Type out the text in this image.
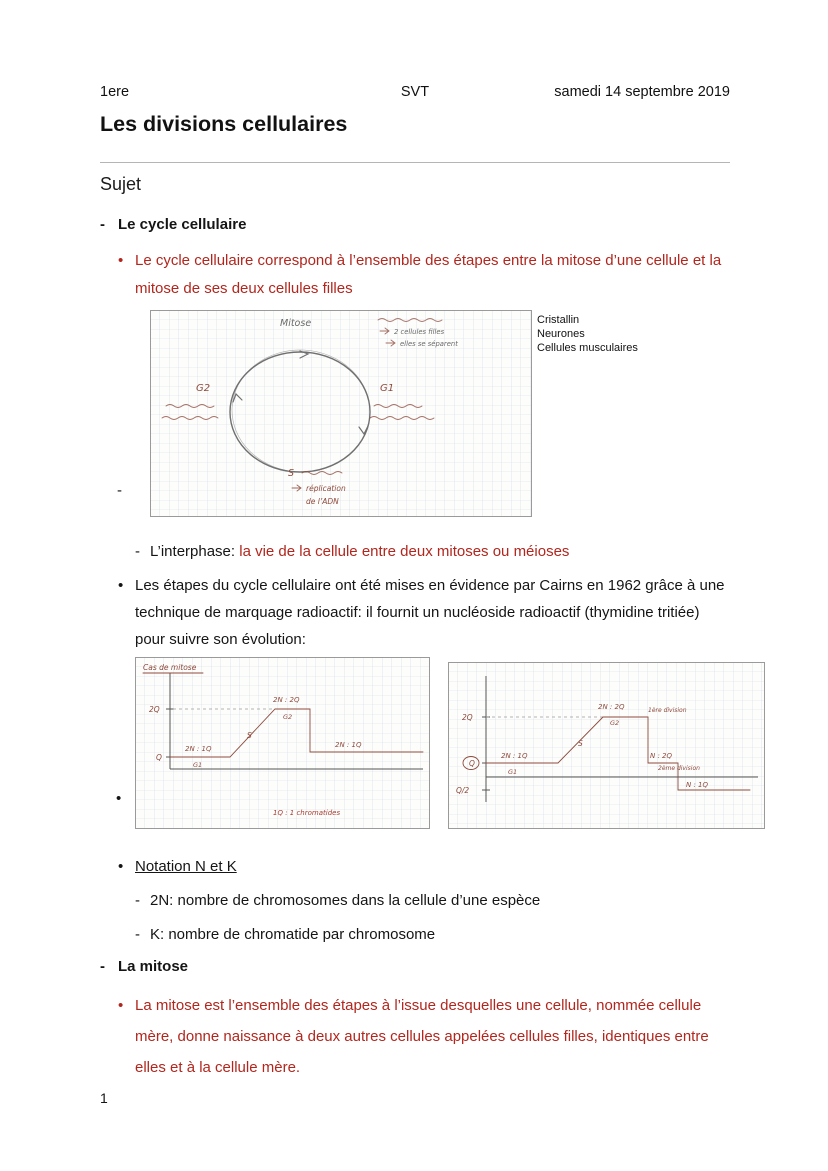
1ere	SVT	samedi 14 septembre 2019
Les divisions cellulaires
Sujet
- Le cycle cellulaire
• Le cycle cellulaire correspond à l’ensemble des étapes entre la mitose d’une cellule et la mitose de ses deux cellules filles
Mitose
2 cellules filles
elles se séparent
G2	G1
S
réplication
de l’ADN
Cristallin
Neurones
Cellules musculaires
- L’interphase: la vie de la cellule entre deux mitoses ou méioses
• Les étapes du cycle cellulaire ont été mises en évidence par Cairns en 1962 grâce à une technique de marquage radioactif: il fournit un nucléoside radioactif (thymidine tritiée) pour suivre son évolution:
Cas de mitose
2Q
Q
2N : 1Q
G1
S
2N : 2Q
G2
2N : 1Q
1Q : 1 chromatides
2Q
Q
Q/2
2N : 1Q
G1
S
2N : 2Q
G2
1ère division
N : 2Q
2ème division
N : 1Q
• Notation N et K
- 2N: nombre de chromosomes dans la cellule d’une espèce
- K: nombre de chromatide par chromosome
- La mitose
• La mitose est l’ensemble des étapes à l’issue desquelles une cellule, nommée cellule mère, donne naissance à deux autres cellules appelées cellules filles, identiques entre elles et à la cellule mère.
-
•
1
